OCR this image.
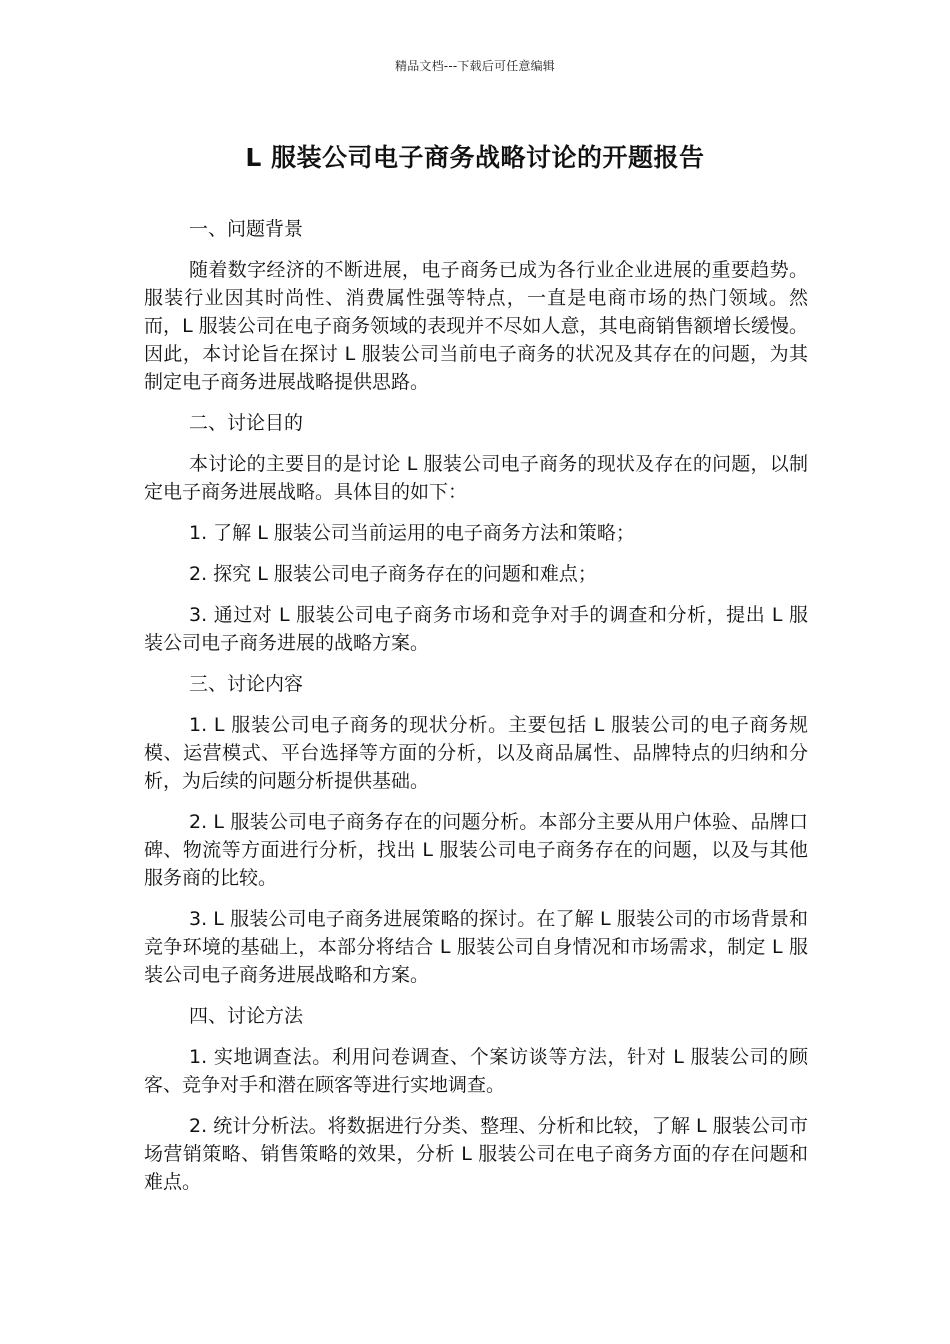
精品文档---下载后可任意编辑
L 服装公司电子商务战略讨论的开题报告

一、问题背景

随着数字经济的不断进展，电子商务已成为各行业企业进展的重要趋势。服装行业因其时尚性、消费属性强等特点，一直是电商市场的热门领域。然而，L 服装公司在电子商务领域的表现并不尽如人意，其电商销售额增长缓慢。因此，本讨论旨在探讨 L 服装公司当前电子商务的状况及其存在的问题，为其制定电子商务进展战略提供思路。

二、讨论目的

本讨论的主要目的是讨论 L 服装公司电子商务的现状及存在的问题，以制定电子商务进展战略。具体目的如下：

1. 了解 L 服装公司当前运用的电子商务方法和策略；

2. 探究 L 服装公司电子商务存在的问题和难点；

3. 通过对 L 服装公司电子商务市场和竞争对手的调查和分析，提出 L 服装公司电子商务进展的战略方案。

三、讨论内容

1. L 服装公司电子商务的现状分析。主要包括 L 服装公司的电子商务规模、运营模式、平台选择等方面的分析，以及商品属性、品牌特点的归纳和分析，为后续的问题分析提供基础。

2. L 服装公司电子商务存在的问题分析。本部分主要从用户体验、品牌口碑、物流等方面进行分析，找出 L 服装公司电子商务存在的问题，以及与其他服务商的比较。

3. L 服装公司电子商务进展策略的探讨。在了解 L 服装公司的市场背景和竞争环境的基础上，本部分将结合 L 服装公司自身情况和市场需求，制定 L 服装公司电子商务进展战略和方案。

四、讨论方法

1. 实地调查法。利用问卷调查、个案访谈等方法，针对 L 服装公司的顾客、竞争对手和潜在顾客等进行实地调查。

2. 统计分析法。将数据进行分类、整理、分析和比较，了解 L 服装公司市场营销策略、销售策略的效果，分析 L 服装公司在电子商务方面的存在问题和难点。
